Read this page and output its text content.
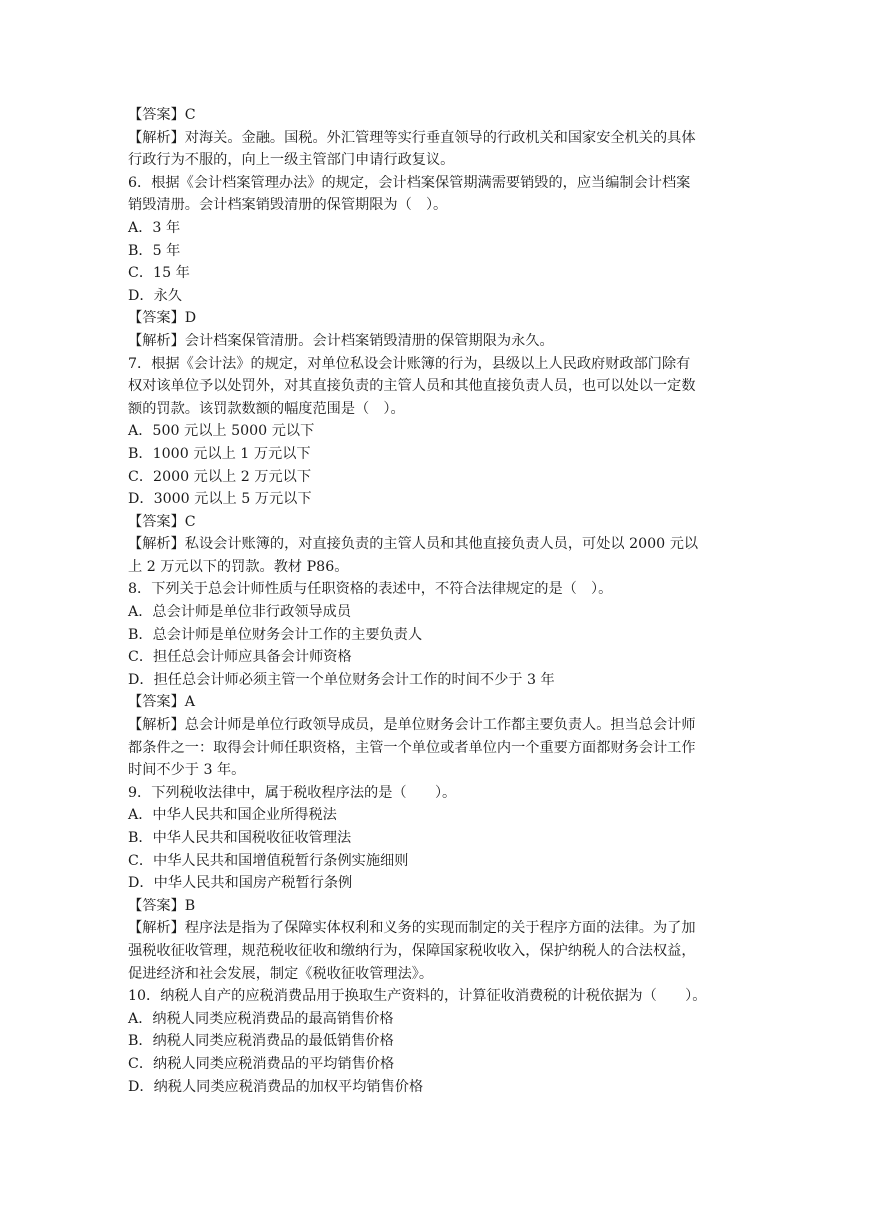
【答案】C
【解析】对海关。金融。国税。外汇管理等实行垂直领导的行政机关和国家安全机关的具体
行政行为不服的，向上一级主管部门申请行政复议。
6．根据《会计档案管理办法》的规定，会计档案保管期满需要销毁的，应当编制会计档案
销毁清册。会计档案销毁清册的保管期限为（　）。
A．3 年
B．5 年
C．15 年
D．永久
【答案】D
【解析】会计档案保管清册。会计档案销毁清册的保管期限为永久。
7．根据《会计法》的规定，对单位私设会计账簿的行为，县级以上人民政府财政部门除有
权对该单位予以处罚外，对其直接负责的主管人员和其他直接负责人员，也可以处以一定数
额的罚款。该罚款数额的幅度范围是（　）。
A．500 元以上 5000 元以下
B．1000 元以上 1 万元以下
C．2000 元以上 2 万元以下
D．3000 元以上 5 万元以下
【答案】C
【解析】私设会计账簿的，对直接负责的主管人员和其他直接负责人员，可处以 2000 元以
上 2 万元以下的罚款。教材 P86。
8．下列关于总会计师性质与任职资格的表述中，不符合法律规定的是（　）。
A．总会计师是单位非行政领导成员
B．总会计师是单位财务会计工作的主要负责人
C．担任总会计师应具备会计师资格
D．担任总会计师必须主管一个单位财务会计工作的时间不少于 3 年
【答案】A
【解析】总会计师是单位行政领导成员，是单位财务会计工作都主要负责人。担当总会计师
都条件之一：取得会计师任职资格，主管一个单位或者单位内一个重要方面都财务会计工作
时间不少于 3 年。
9．下列税收法律中，属于税收程序法的是（　　）。
A．中华人民共和国企业所得税法
B．中华人民共和国税收征收管理法
C．中华人民共和国增值税暂行条例实施细则
D．中华人民共和国房产税暂行条例
【答案】B
【解析】程序法是指为了保障实体权利和义务的实现而制定的关于程序方面的法律。为了加
强税收征收管理，规范税收征收和缴纳行为，保障国家税收收入，保护纳税人的合法权益，
促进经济和社会发展，制定《税收征收管理法》。
10．纳税人自产的应税消费品用于换取生产资料的，计算征收消费税的计税依据为（　　）。
A．纳税人同类应税消费品的最高销售价格
B．纳税人同类应税消费品的最低销售价格
C．纳税人同类应税消费品的平均销售价格
D．纳税人同类应税消费品的加权平均销售价格
